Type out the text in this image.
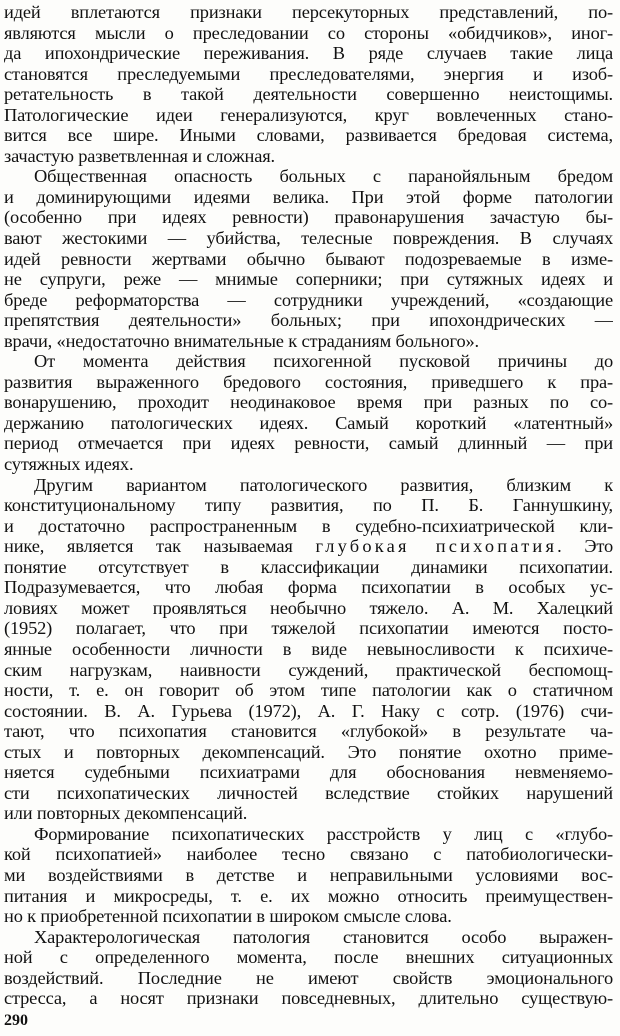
идей вплетаются признаки персекуторных представлений, по-
являются мысли о преследовании со стороны «обидчиков», иног-
да ипохондрические переживания. В ряде случаев такие лица
становятся преследуемыми преследователями, энергия и изоб-
ретательность в такой деятельности совершенно неистощимы.
Патологические идеи генерализуются, круг вовлеченных стано-
вится все шире. Иными словами, развивается бредовая система,
зачастую разветвленная и сложная.
Общественная опасность больных с паранойяльным бредом
и доминирующими идеями велика. При этой форме патологии
(особенно при идеях ревности) правонарушения зачастую бы-
вают жестокими — убийства, телесные повреждения. В случаях
идей ревности жертвами обычно бывают подозреваемые в изме-
не супруги, реже — мнимые соперники; при сутяжных идеях и
бреде реформаторства — сотрудники учреждений, «создающие
препятствия деятельности» больных; при ипохондрических —
врачи, «недостаточно внимательные к страданиям больного».
От момента действия психогенной пусковой причины до
развития выраженного бредового состояния, приведшего к пра-
вонарушению, проходит неодинаковое время при разных по со-
держанию патологических идеях. Самый короткий «латентный»
период отмечается при идеях ревности, самый длинный — при
сутяжных идеях.
Другим вариантом патологического развития, близким к
конституциональному типу развития, по П. Б. Ганнушкину,
и достаточно распространенным в судебно-психиатрической кли-
нике, является так называемая глубокая психопатия. Это
понятие отсутствует в классификации динамики психопатии.
Подразумевается, что любая форма психопатии в особых ус-
ловиях может проявляться необычно тяжело. А. М. Халецкий
(1952) полагает, что при тяжелой психопатии имеются посто-
янные особенности личности в виде невыносливости к психиче-
ским нагрузкам, наивности суждений, практической беспомощ-
ности, т. е. он говорит об этом типе патологии как о статичном
состоянии. В. А. Гурьева (1972), А. Г. Наку с сотр. (1976) счи-
тают, что психопатия становится «глубокой» в результате ча-
стых и повторных декомпенсаций. Это понятие охотно приме-
няется судебными психиатрами для обоснования невменяемо-
сти психопатических личностей вследствие стойких нарушений
или повторных декомпенсаций.
Формирование психопатических расстройств у лиц с «глубо-
кой психопатией» наиболее тесно связано с патобиологически-
ми воздействиями в детстве и неправильными условиями вос-
питания и микросреды, т. е. их можно относить преимуществен-
но к приобретенной психопатии в широком смысле слова.
Характерологическая патология становится особо выражен-
ной с определенного момента, после внешних ситуационных
воздействий. Последние не имеют свойств эмоционального
стресса, а носят признаки повседневных, длительно существую-
290
